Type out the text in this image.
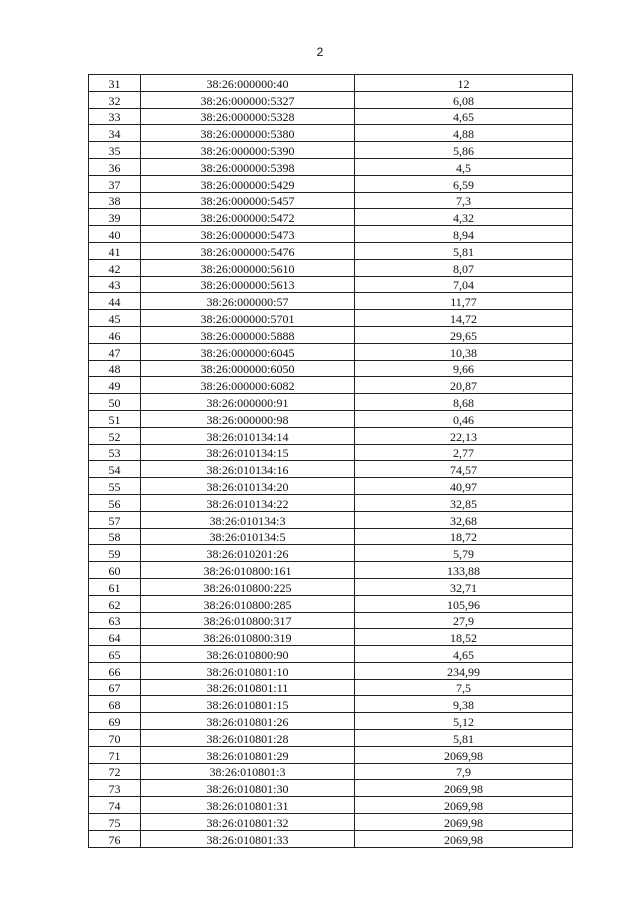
2
31	38:26:000000:40	12
32	38:26:000000:5327	6,08
33	38:26:000000:5328	4,65
34	38:26:000000:5380	4,88
35	38:26:000000:5390	5,86
36	38:26:000000:5398	4,5
37	38:26:000000:5429	6,59
38	38:26:000000:5457	7,3
39	38:26:000000:5472	4,32
40	38:26:000000:5473	8,94
41	38:26:000000:5476	5,81
42	38:26:000000:5610	8,07
43	38:26:000000:5613	7,04
44	38:26:000000:57	11,77
45	38:26:000000:5701	14,72
46	38:26:000000:5888	29,65
47	38:26:000000:6045	10,38
48	38:26:000000:6050	9,66
49	38:26:000000:6082	20,87
50	38:26:000000:91	8,68
51	38:26:000000:98	0,46
52	38:26:010134:14	22,13
53	38:26:010134:15	2,77
54	38:26:010134:16	74,57
55	38:26:010134:20	40,97
56	38:26:010134:22	32,85
57	38:26:010134:3	32,68
58	38:26:010134:5	18,72
59	38:26:010201:26	5,79
60	38:26:010800:161	133,88
61	38:26:010800:225	32,71
62	38:26:010800:285	105,96
63	38:26:010800:317	27,9
64	38:26:010800:319	18,52
65	38:26:010800:90	4,65
66	38:26:010801:10	234,99
67	38:26:010801:11	7,5
68	38:26:010801:15	9,38
69	38:26:010801:26	5,12
70	38:26:010801:28	5,81
71	38:26:010801:29	2069,98
72	38:26:010801:3	7,9
73	38:26:010801:30	2069,98
74	38:26:010801:31	2069,98
75	38:26:010801:32	2069,98
76	38:26:010801:33	2069,98
